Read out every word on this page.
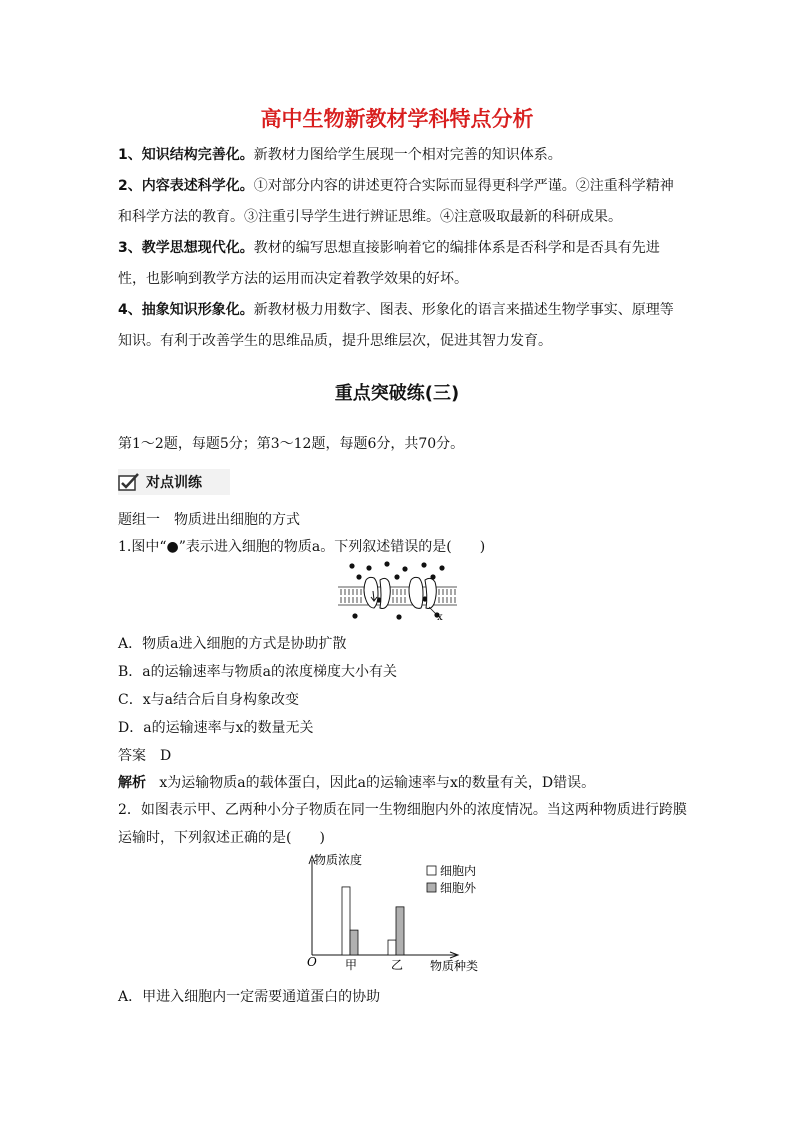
高中生物新教材学科特点分析
1、知识结构完善化。新教材力图给学生展现一个相对完善的知识体系。
2、内容表述科学化。①对部分内容的讲述更符合实际而显得更科学严谨。②注重科学精神和科学方法的教育。③注重引导学生进行辨证思维。④注意吸取最新的科研成果。
3、教学思想现代化。教材的编写思想直接影响着它的编排体系是否科学和是否具有先进性，也影响到教学方法的运用而决定着教学效果的好坏。
4、抽象知识形象化。新教材极力用数字、图表、形象化的语言来描述生物学事实、原理等知识。有利于改善学生的思维品质，提升思维层次，促进其智力发育。
重点突破练(三)
第1～2题，每题5分；第3～12题，每题6分，共70分。
对点训练
题组一　物质进出细胞的方式
1.图中“●”表示进入细胞的物质a。下列叙述错误的是(　　)
x
A．物质a进入细胞的方式是协助扩散
B．a的运输速率与物质a的浓度梯度大小有关
C．x与a结合后自身构象改变
D．a的运输速率与x的数量无关
答案　D
解析 x为运输物质a的载体蛋白，因此a的运输速率与x的数量有关，D错误。
2．如图表示甲、乙两种小分子物质在同一生物细胞内外的浓度情况。当这两种物质进行跨膜
运输时，下列叙述正确的是(　　)
物质浓度
物质种类
O 甲	乙
细胞内
细胞外
A．甲进入细胞内一定需要通道蛋白的协助
